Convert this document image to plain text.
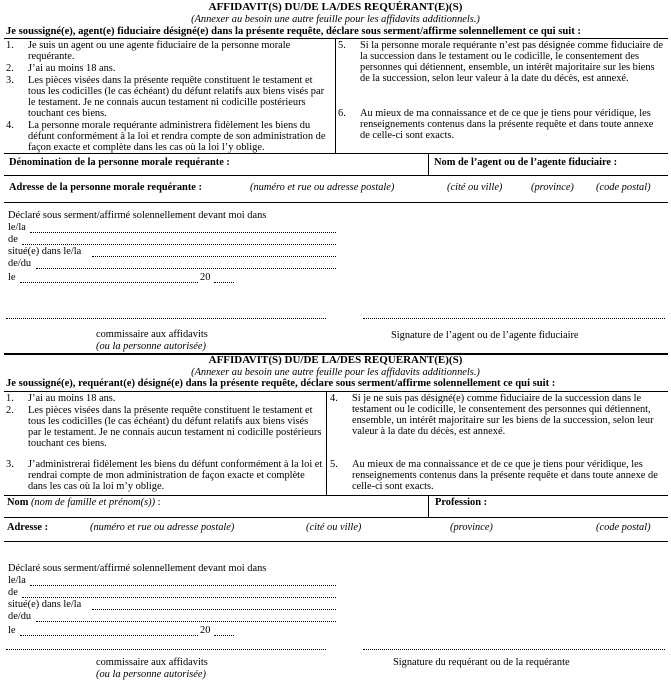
AFFIDAVIT(S) DU/DE LA/DES REQUÉRANT(E)(S)
(Annexer au besoin une autre feuille pour les affidavits additionnels.)
Je soussigné(e), agent(e) fiduciaire désigné(e) dans la présente requête, déclare sous serment/affirme solennellement ce qui suit :
1.	Je suis un agent ou une agente fiduciaire de la personne morale requérante.
2.	J’ai au moins 18 ans.
3.	Les pièces visées dans la présente requête constituent le testament et tous les codicilles (le cas échéant) du défunt relatifs aux biens visés par le testament. Je ne connais aucun testament ni codicille postérieurs touchant ces biens.
4.	La personne morale requérante administrera fidèlement les biens du défunt conformément à la loi et rendra compte de son administration de façon exacte et complète dans les cas où la loi l’y oblige.
5.	Si la personne morale requérante n’est pas désignée comme fiduciaire de la succession dans le testament ou le codicille, le consentement des personnes qui détiennent, ensemble, un intérêt majoritaire sur les biens de la succession, selon leur valeur à la date du décès, est annexé.
6.	Au mieux de ma connaissance et de ce que je tiens pour véridique, les renseignements contenus dans la présente requête et dans toute annexe de celle-ci sont exacts.
Dénomination de la personne morale requérante :	Nom de l’agent ou de l’agente fiduciaire :
Adresse de la personne morale requérante :	(numéro et rue ou adresse postale)	(cité ou ville)	(province) (code postal)
Déclaré sous serment/affirmé solennellement devant moi dans
le/la
de
situé(e) dans le/la
de/du
le	20
commissaire aux affidavits
(ou la personne autorisée)
Signature de l’agent ou de l’agente fiduciaire
AFFIDAVIT(S) DU/DE LA/DES REQUÉRANT(E)(S)
(Annexer au besoin une autre feuille pour les affidavits additionnels.)
Je soussigné(e), requérant(e) désigné(e) dans la présente requête, déclare sous serment/affirme solennellement ce qui suit :
1.	J’ai au moins 18 ans.
2.	Les pièces visées dans la présente requête constituent le testament et tous les codicilles (le cas échéant) du défunt relatifs aux biens visés par le testament. Je ne connais aucun testament ni codicille postérieurs touchant ces biens.
3.	J’administrerai fidèlement les biens du défunt conformément à la loi et rendrai compte de mon administration de façon exacte et complète dans les cas où la loi m’y oblige.
4.	Si je ne suis pas désigné(e) comme fiduciaire de la succession dans le testament ou le codicille, le consentement des personnes qui détiennent, ensemble, un intérêt majoritaire sur les biens de la succession, selon leur valeur à la date du décès, est annexé.
5.	Au mieux de ma connaissance et de ce que je tiens pour véridique, les renseignements contenus dans la présente requête et dans toute annexe de celle-ci sont exacts.
Nom (nom de famille et prénom(s)) :	Profession :
Adresse :	(numéro et rue ou adresse postale)	(cité ou ville)	(province)	(code postal)
Déclaré sous serment/affirmé solennellement devant moi dans
le/la
de
situé(e) dans le/la
de/du
le	20
commissaire aux affidavits
(ou la personne autorisée)
Signature du requérant ou de la requérante
